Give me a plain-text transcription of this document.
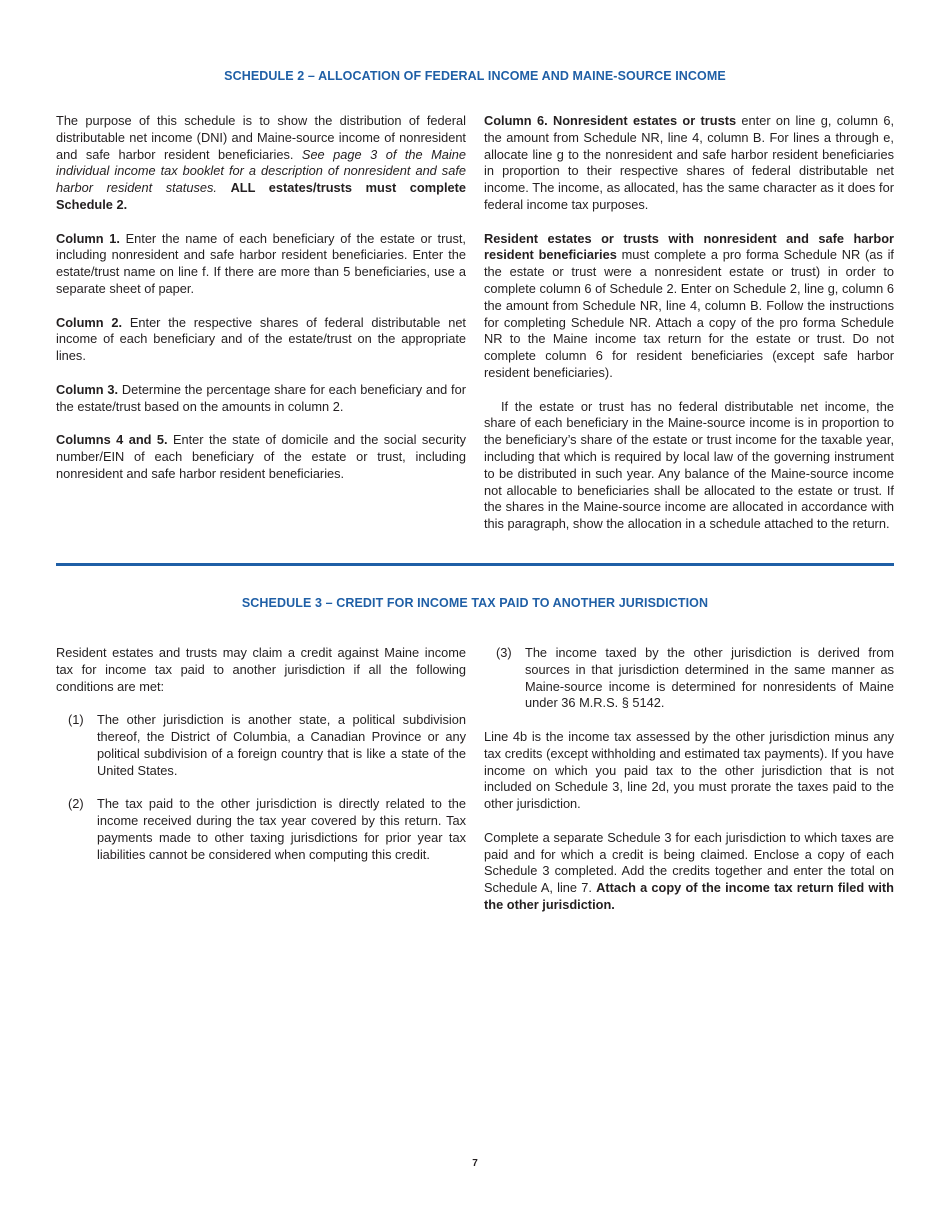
SCHEDULE 2 – ALLOCATION OF FEDERAL INCOME AND MAINE-SOURCE INCOME

The purpose of this schedule is to show the distribution of federal distributable net income (DNI) and Maine-source income of nonresident and safe harbor resident beneficiaries. See page 3 of the Maine individual income tax booklet for a description of nonresident and safe harbor resident statuses. ALL estates/trusts must complete Schedule 2.

Column 1. Enter the name of each beneficiary of the estate or trust, including nonresident and safe harbor resident beneficiaries. Enter the estate/trust name on line f. If there are more than 5 beneficiaries, use a separate sheet of paper.

Column 2. Enter the respective shares of federal distributable net income of each beneficiary and of the estate/trust on the appropriate lines.

Column 3. Determine the percentage share for each beneficiary and for the estate/trust based on the amounts in column 2.

Columns 4 and 5. Enter the state of domicile and the social security number/EIN of each beneficiary of the estate or trust, including nonresident and safe harbor resident beneficiaries.

Column 6. Nonresident estates or trusts enter on line g, column 6, the amount from Schedule NR, line 4, column B. For lines a through e, allocate line g to the nonresident and safe harbor resident beneficiaries in proportion to their respective shares of federal distributable net income. The income, as allocated, has the same character as it does for federal income tax purposes.

Resident estates or trusts with nonresident and safe harbor resident beneficiaries must complete a pro forma Schedule NR (as if the estate or trust were a nonresident estate or trust) in order to complete column 6 of Schedule 2. Enter on Schedule 2, line g, column 6 the amount from Schedule NR, line 4, column B. Follow the instructions for completing Schedule NR. Attach a copy of the pro forma Schedule NR to the Maine income tax return for the estate or trust. Do not complete column 6 for resident beneficiaries (except safe harbor resident beneficiaries).

If the estate or trust has no federal distributable net income, the share of each beneficiary in the Maine-source income is in proportion to the beneficiary’s share of the estate or trust income for the taxable year, including that which is required by local law of the governing instrument to be distributed in such year. Any balance of the Maine-source income not allocable to beneficiaries shall be allocated to the estate or trust. If the shares in the Maine-source income are allocated in accordance with this paragraph, show the allocation in a schedule attached to the return.

SCHEDULE 3 – CREDIT FOR INCOME TAX PAID TO ANOTHER JURISDICTION

Resident estates and trusts may claim a credit against Maine income tax for income tax paid to another jurisdiction if all the following conditions are met:

(1)	The other jurisdiction is another state, a political subdivision thereof, the District of Columbia, a Canadian Province or any political subdivision of a foreign country that is like a state of the United States.
(2)	The tax paid to the other jurisdiction is directly related to the income received during the tax year covered by this return. Tax payments made to other taxing jurisdictions for prior year tax liabilities cannot be considered when computing this credit.
(3)	The income taxed by the other jurisdiction is derived from sources in that jurisdiction determined in the same manner as Maine-source income is determined for nonresidents of Maine under 36 M.R.S. § 5142.

Line 4b is the income tax assessed by the other jurisdiction minus any tax credits (except withholding and estimated tax payments). If you have income on which you paid tax to the other jurisdiction that is not included on Schedule 3, line 2d, you must prorate the taxes paid to the other jurisdiction.

Complete a separate Schedule 3 for each jurisdiction to which taxes are paid and for which a credit is being claimed. Enclose a copy of each Schedule 3 completed. Add the credits together and enter the total on Schedule A, line 7. Attach a copy of the income tax return filed with the other jurisdiction.

7
